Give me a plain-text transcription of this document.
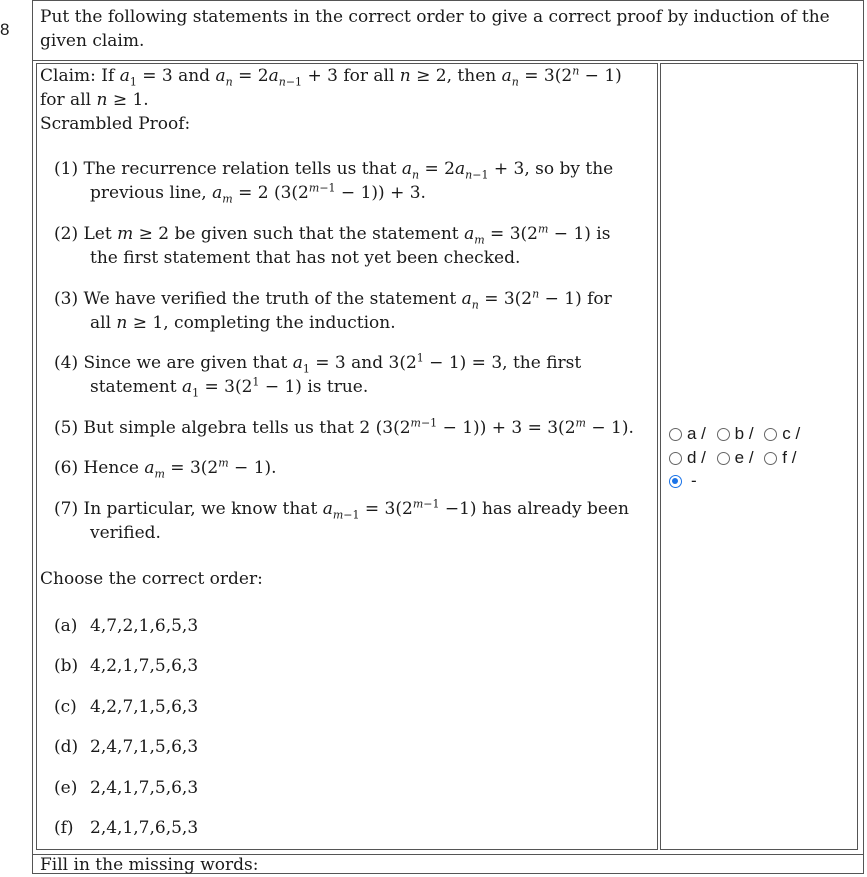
8
Put the following statements in the correct order to give a correct proof by induction of the
given claim.
Claim: If $a_1 = 3$ and $a_n = 2a_{n-1} + 3$ for all n ≥ 2, then $a_n = 3(2^n - 1)$
for all n ≥ 1.
Scrambled Proof:
(1) The recurrence relation tells us that $a_n = 2a_{n-1} + 3$, so by the
previous line, $a_m = 2$ $(3(2^{m-1} - 1)) + 3$.
(2) Let m ≥ 2 be given such that the statement $a_m = 3(2^m - 1)$ is
the first statement that has not yet been checked.
(3) We have verified the truth of the statement $a_n = 3(2^n - 1)$ for
all n ≥ 1, completing the induction.
(4) Since we are given that $a_1 = 3$ and $3(2^1 - 1) = 3$, the first
statement $a_1 = 3(2^1 - 1)$ is true.
(5) But simple algebra tells us that 2 $(3(2^{m-1} - 1)) + 3 = 3(2^m - 1)$.
(6) Hence $a_m = 3(2^m - 1)$.
(7) In particular, we know that $a_{m-1} = 3(2^{m-1} -1)$ has already been
verified.
Choose the correct order:
(a) 4,7,2,1,6,5,3
(b) 4,2,1,7,5,6,3
(c) 4,2,7,1,5,6,3
(d) 2,4,7,1,5,6,3
(e) 2,4,1,7,5,6,3
(f) 2,4,1,7,6,5,3
a / b / c /
d / e / f /
-
Fill in the missing words:
